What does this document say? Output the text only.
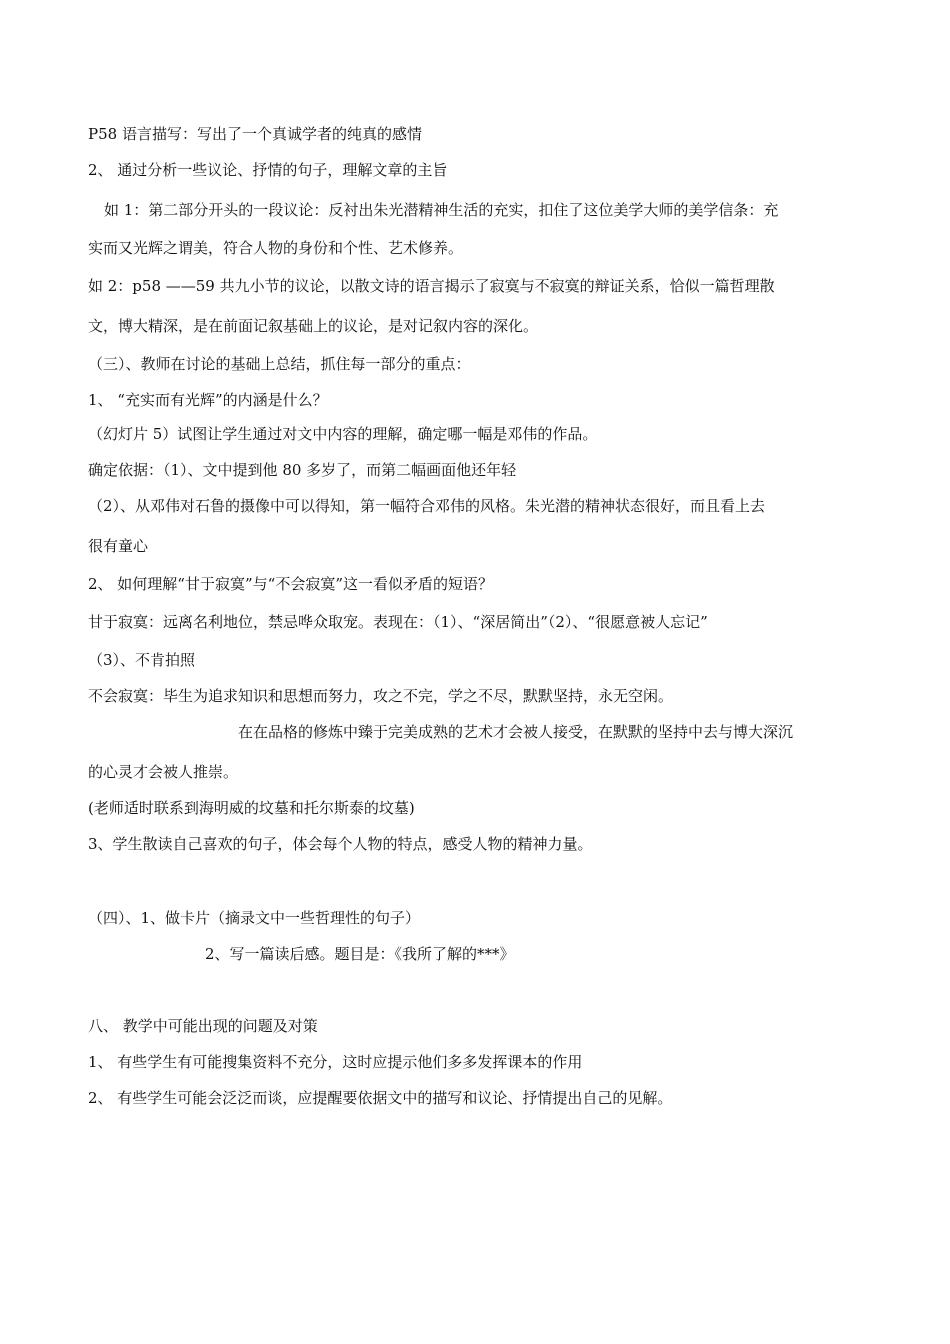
P58 语言描写：写出了一个真诚学者的纯真的感情
2、 通过分析一些议论、抒情的句子，理解文章的主旨
如 1：第二部分开头的一段议论：反衬出朱光潜精神生活的充实，扣住了这位美学大师的美学信条：充
实而又光辉之谓美，符合人物的身份和个性、艺术修养。
如 2：p58 ——59 共九小节的议论，以散文诗的语言揭示了寂寞与不寂寞的辩证关系，恰似一篇哲理散
文，博大精深，是在前面记叙基础上的议论，是对记叙内容的深化。
（三）、教师在讨论的基础上总结，抓住每一部分的重点：
1、 “充实而有光辉”的内涵是什么？
（幻灯片 5）试图让学生通过对文中内容的理解，确定哪一幅是邓伟的作品。
确定依据：（1）、文中提到他 80 多岁了，而第二幅画面他还年轻
（2）、从邓伟对石鲁的摄像中可以得知，第一幅符合邓伟的风格。朱光潜的精神状态很好，而且看上去
很有童心
2、 如何理解“甘于寂寞”与“不会寂寞”这一看似矛盾的短语？
甘于寂寞：远离名利地位，禁忌哗众取宠。表现在：（1）、“深居简出”（2）、“很愿意被人忘记”
（3）、不肯拍照
不会寂寞：毕生为追求知识和思想而努力，攻之不完，学之不尽，默默坚持，永无空闲。
在在品格的修炼中臻于完美成熟的艺术才会被人接受，在默默的坚持中去与博大深沉
的心灵才会被人推崇。
(老师适时联系到海明威的坟墓和托尔斯泰的坟墓)
3、学生散读自己喜欢的句子，体会每个人物的特点，感受人物的精神力量。
（四）、1、做卡片（摘录文中一些哲理性的句子）
2、写一篇读后感。题目是：《我所了解的***》
八、 教学中可能出现的问题及对策
1、 有些学生有可能搜集资料不充分，这时应提示他们多多发挥课本的作用
2、 有些学生可能会泛泛而谈，应提醒要依据文中的描写和议论、抒情提出自己的见解。
